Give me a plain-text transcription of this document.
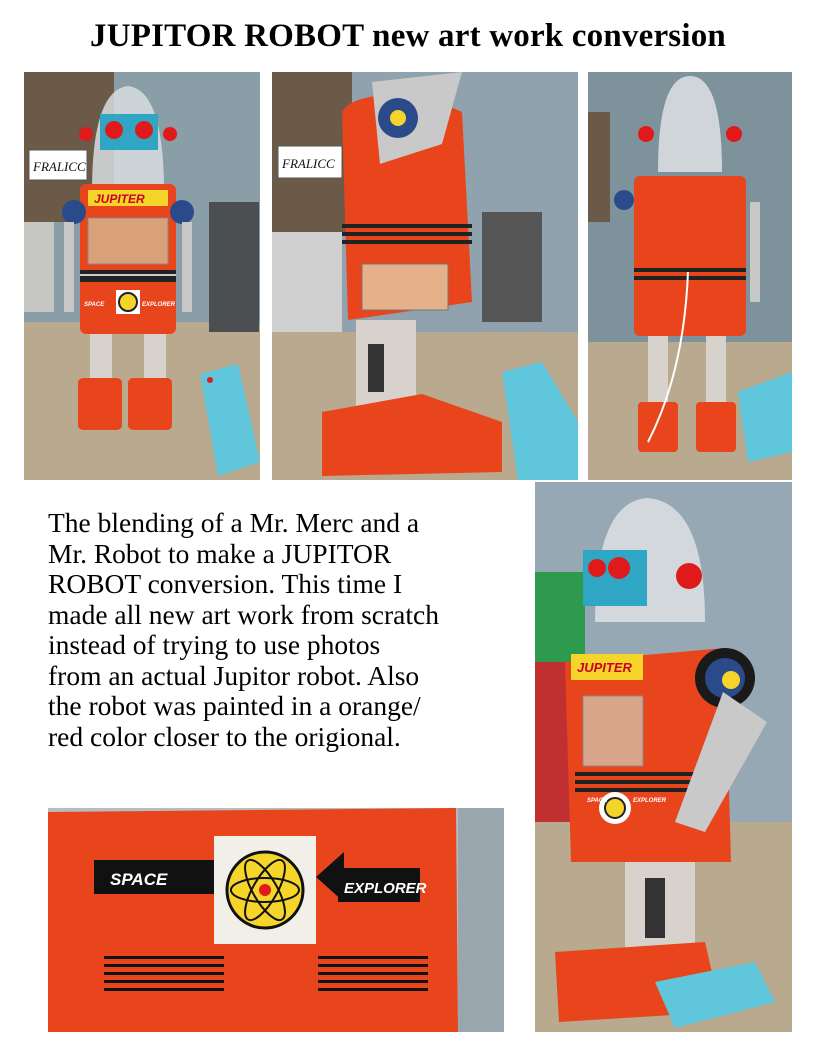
JUPITOR ROBOT new art work conversion
FRALICC
JUPITER
SPACE	EXPLORER
FRALICC
The blending of a Mr. Merc and a
Mr. Robot to make a JUPITOR
ROBOT conversion. This time I
made all new art work from scratch
instead of trying to use photos
from an actual Jupitor robot. Also
the robot was painted in a orange/
red color closer to the origional.
JUPITER
SPACE	EXPLORER
SPACE	EXPLORER
